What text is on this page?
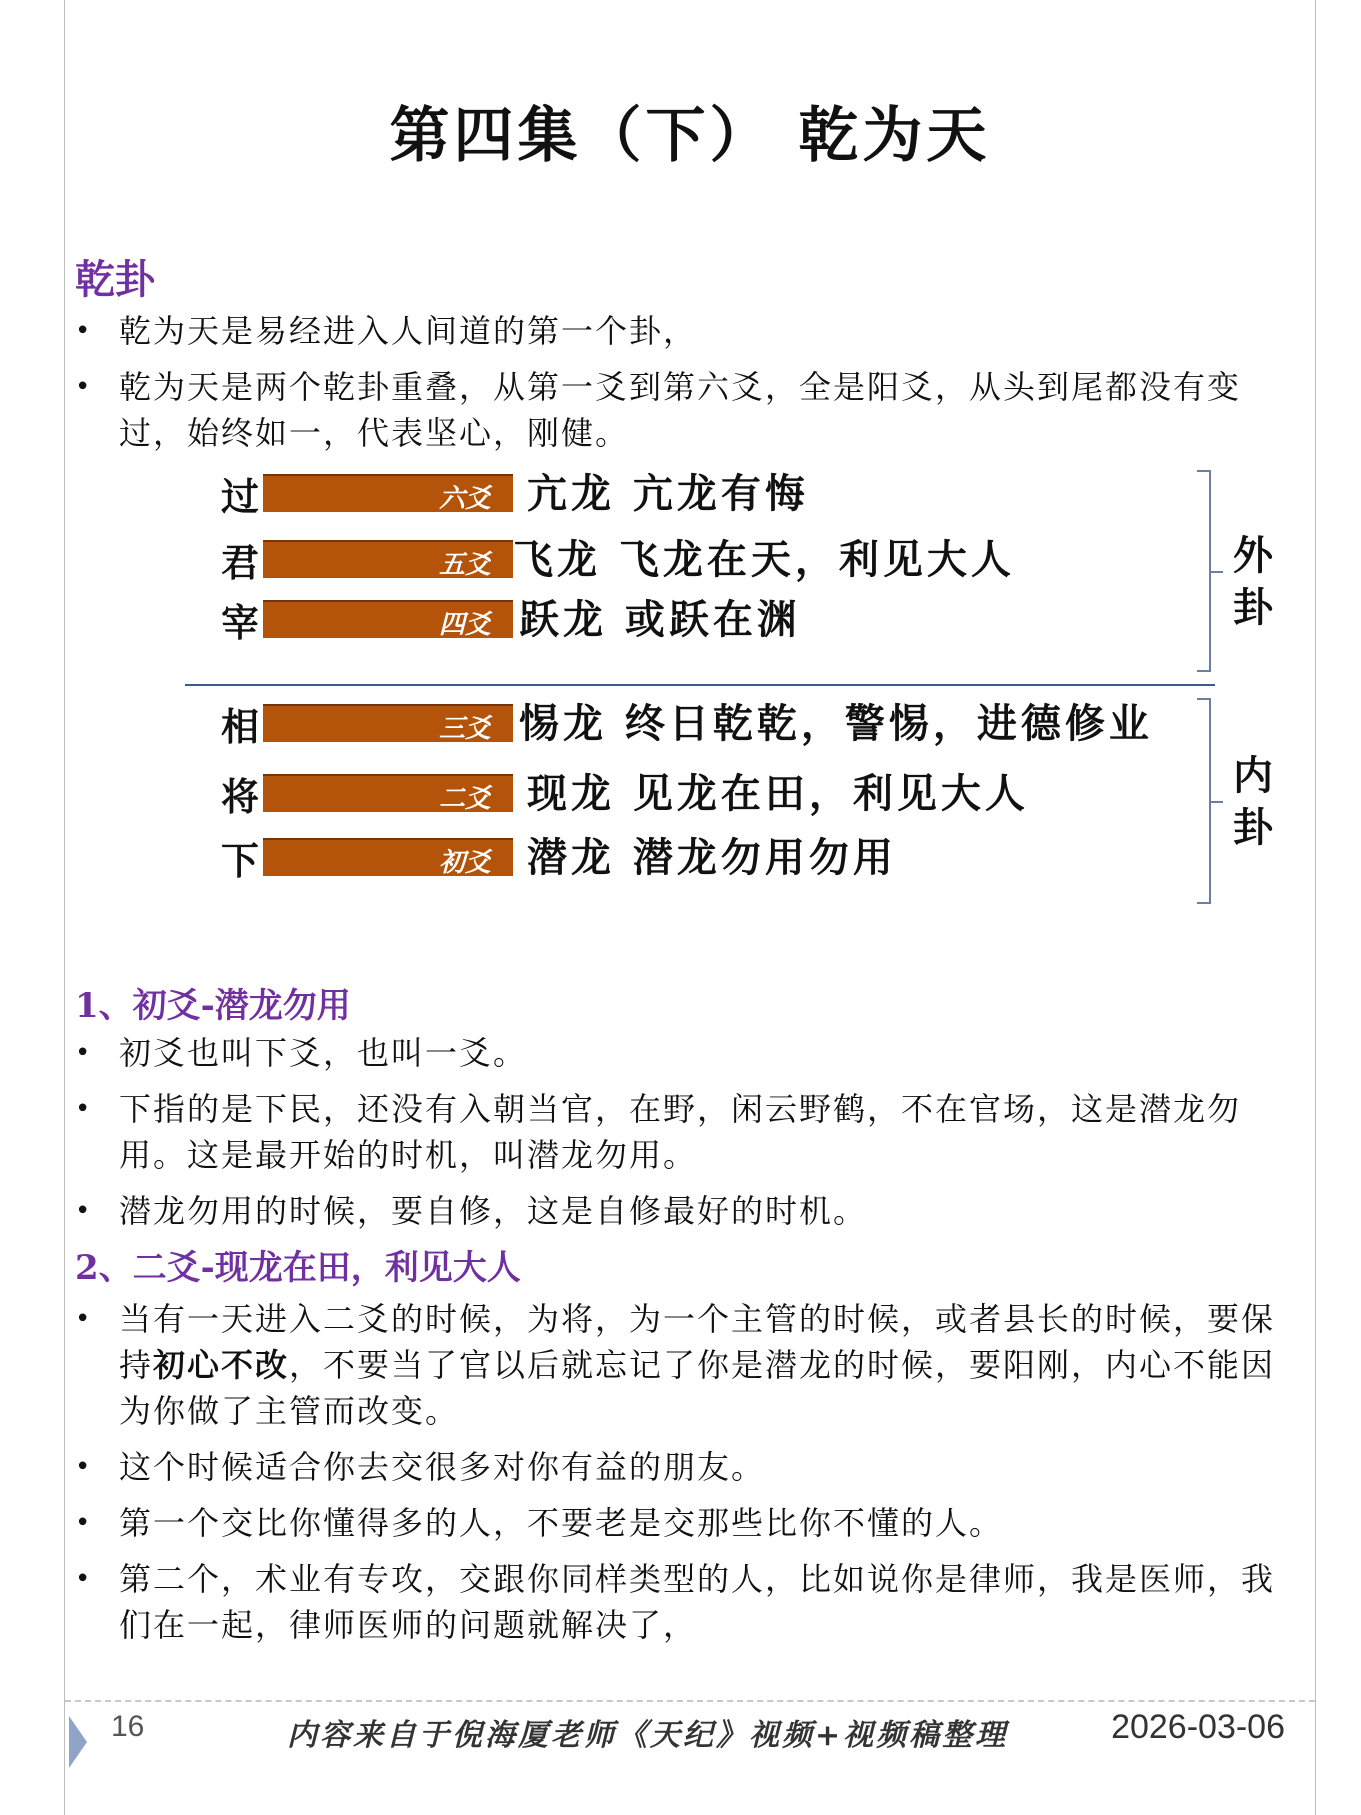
第四集（下） 乾为天
乾卦
• 乾为天是易经进入人间道的第一个卦，
• 乾为天是两个乾卦重叠，从第一爻到第六爻，全是阳爻，从头到尾都没有变过，始终如一，代表坚心，刚健。
过	六爻 亢龙 亢龙有悔
君	五爻 飞龙 飞龙在天，利见大人
宰	四爻 跃龙 或跃在渊
相	三爻 惕龙 终日乾乾，警惕，进德修业
将	二爻 现龙 见龙在田，利见大人
下	初爻 潜龙 潜龙勿用勿用
外卦
内卦
1、初爻-潜龙勿用
• 初爻也叫下爻，也叫一爻。
• 下指的是下民，还没有入朝当官，在野，闲云野鹤，不在官场，这是潜龙勿用。这是最开始的时机，叫潜龙勿用。
• 潜龙勿用的时候，要自修，这是自修最好的时机。
2、二爻-现龙在田，利见大人
• 当有一天进入二爻的时候，为将，为一个主管的时候，或者县长的时候，要保持初心不改，不要当了官以后就忘记了你是潜龙的时候，要阳刚，内心不能因为你做了主管而改变。
• 这个时候适合你去交很多对你有益的朋友。
• 第一个交比你懂得多的人，不要老是交那些比你不懂的人。
• 第二个，术业有专攻，交跟你同样类型的人，比如说你是律师，我是医师，我们在一起，律师医师的问题就解决了，
16	内容来自于倪海厦老师《天纪》视频+视频稿整理	2026-03-06
